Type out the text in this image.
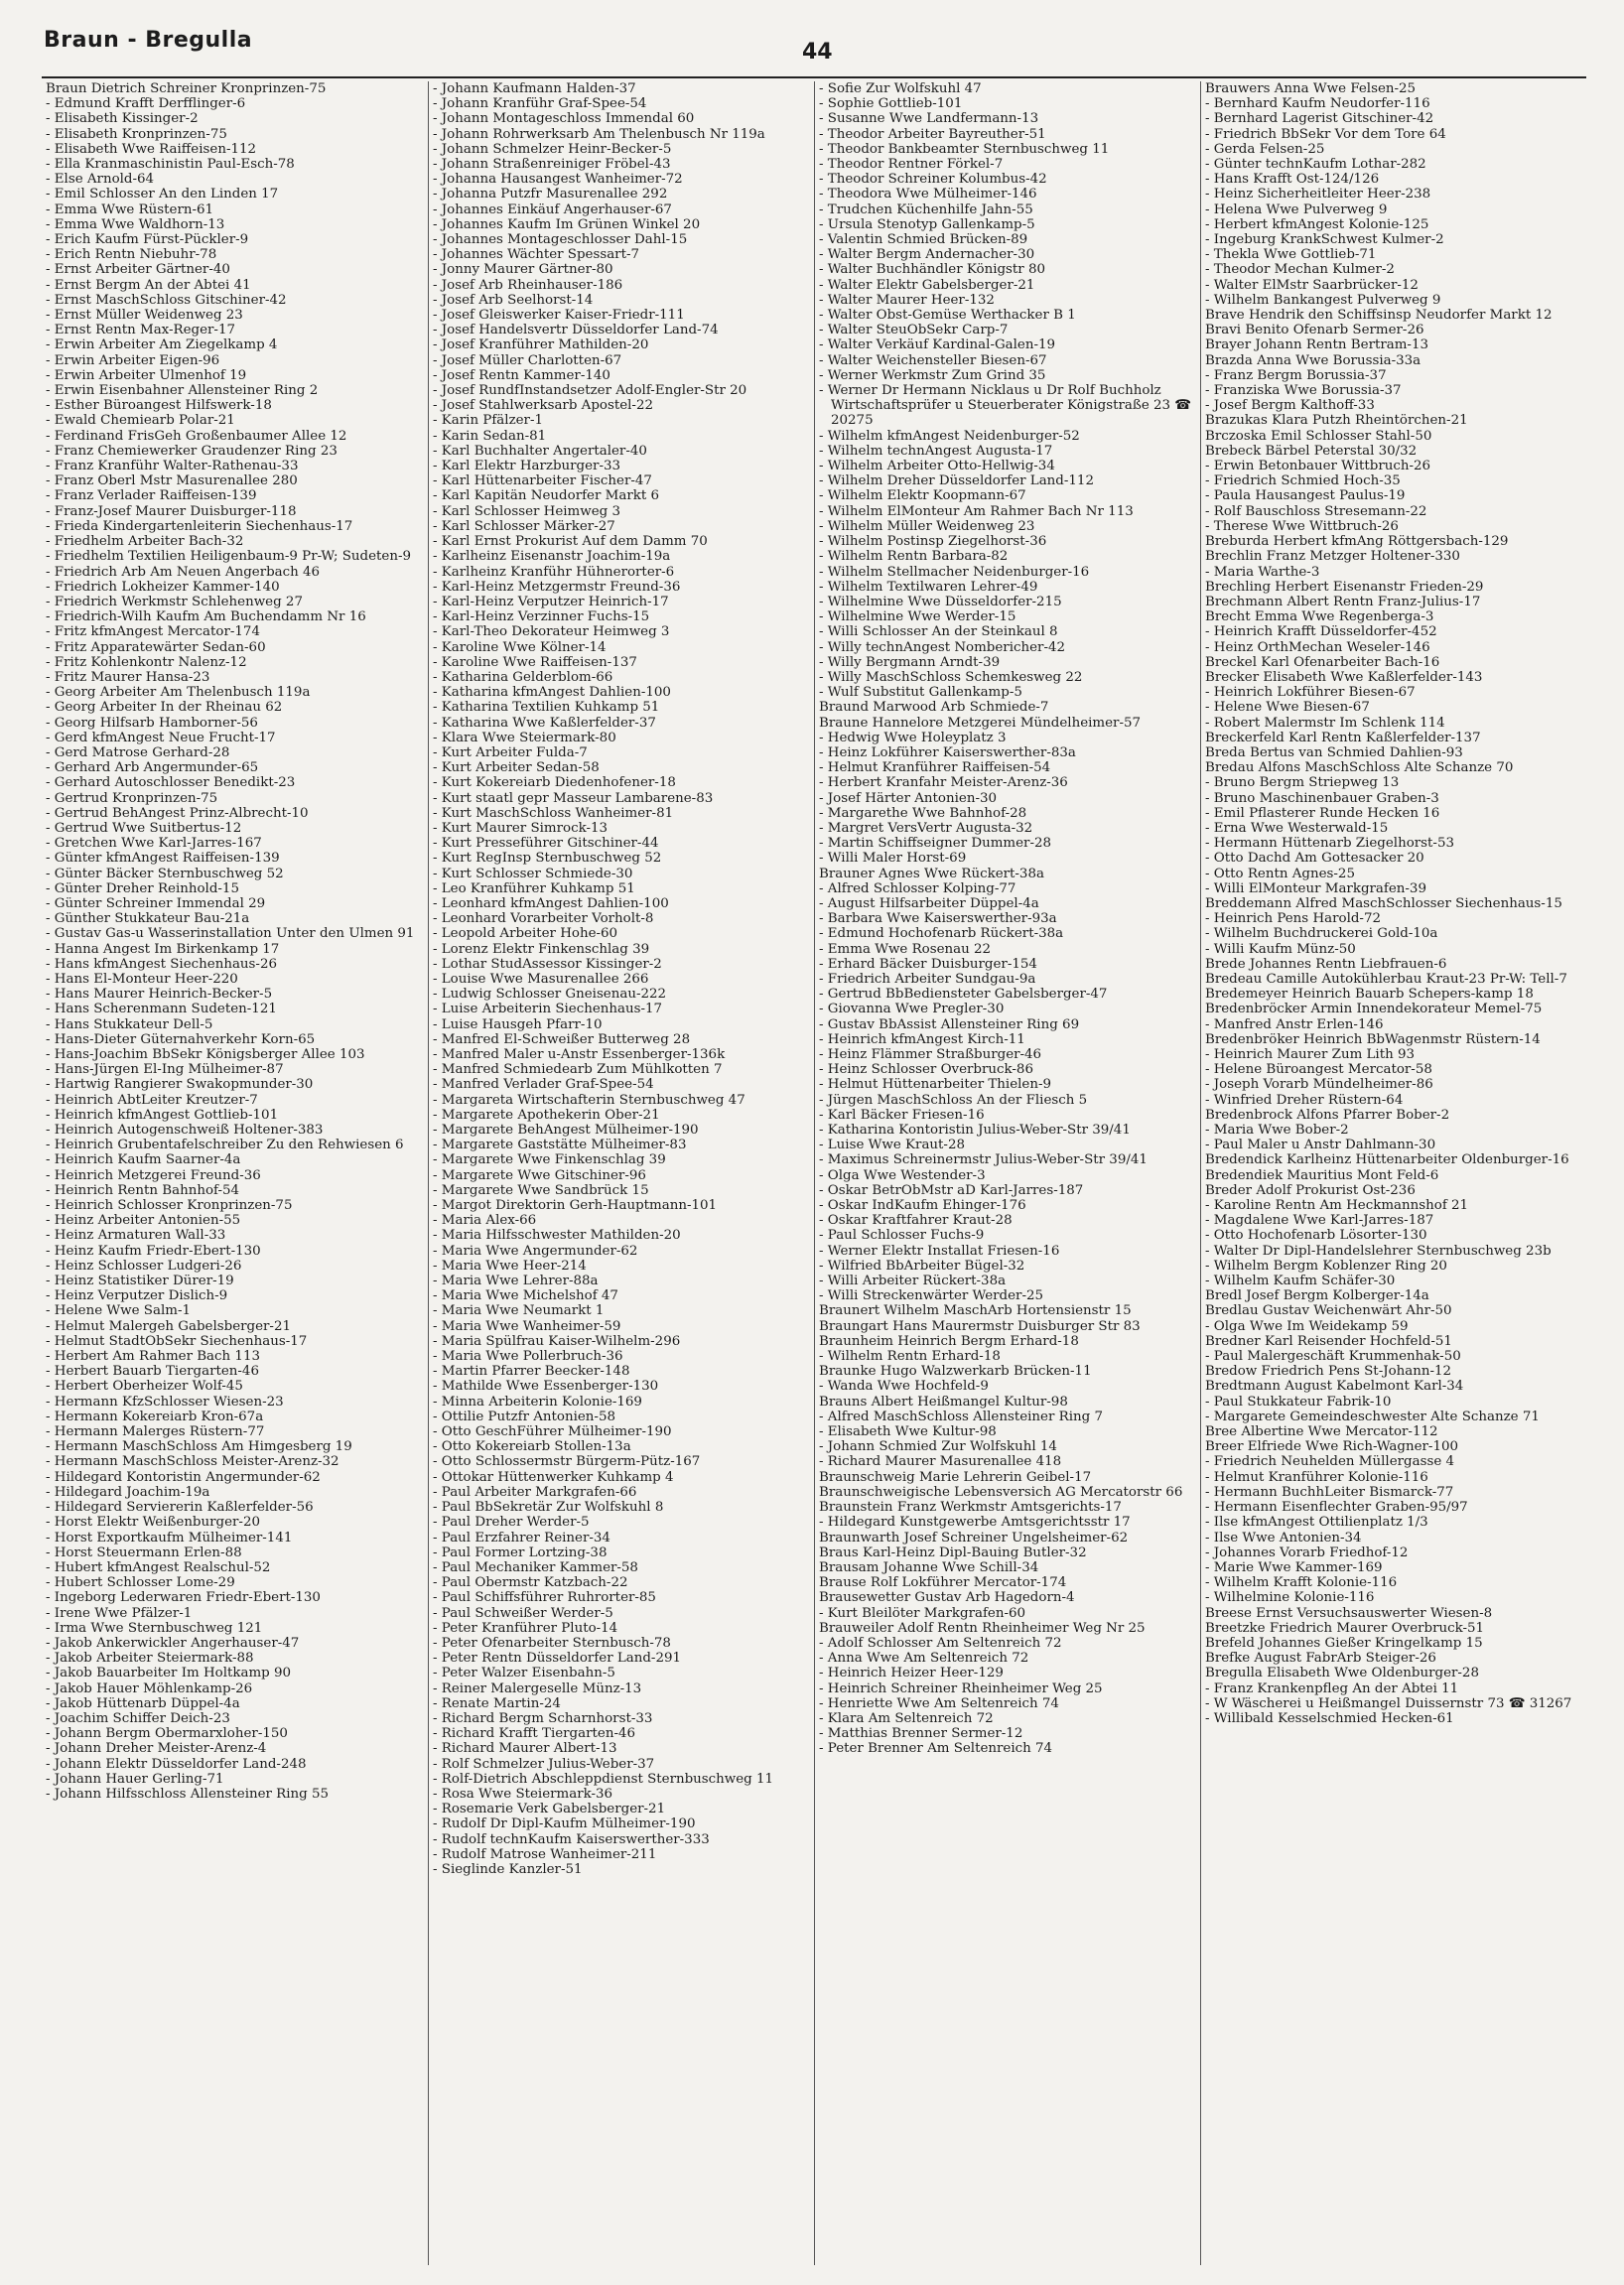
Braun - Bregulla	44
Braun Dietrich Schreiner Kronprinzen-75
- Edmund Krafft Derfflinger-6
- Elisabeth Kissinger-2
- Elisabeth Kronprinzen-75
- Elisabeth Wwe Raiffeisen-112
- Ella Kranmaschinistin Paul-Esch-78
- Else Arnold-64
- Emil Schlosser An den Linden 17
- Emma Wwe Rüstern-61
- Emma Wwe Waldhorn-13
- Erich Kaufm Fürst-Pückler-9
- Erich Rentn Niebuhr-78
- Ernst Arbeiter Gärtner-40
- Ernst Bergm An der Abtei 41
- Ernst MaschSchloss Gitschiner-42
- Ernst Müller Weidenweg 23
- Ernst Rentn Max-Reger-17
- Erwin Arbeiter Am Ziegelkamp 4
- Erwin Arbeiter Eigen-96
- Erwin Arbeiter Ulmenhof 19
- Erwin Eisenbahner Allensteiner Ring 2
- Esther Büroangest Hilfswerk-18
- Ewald Chemiearb Polar-21
- Ferdinand FrisGeh Großenbaumer Allee 12
- Franz Chemiewerker Graudenzer Ring 23
- Franz Kranführ Walter-Rathenau-33
- Franz Oberl Mstr Masurenallee 280
- Franz Verlader Raiffeisen-139
- Franz-Josef Maurer Duisburger-118
- Frieda Kindergartenleiterin Siechenhaus-17
- Friedhelm Arbeiter Bach-32
- Friedhelm Textilien Heiligenbaum-9 Pr-W; Sudeten-9
- Friedrich Arb Am Neuen Angerbach 46
- Friedrich Lokheizer Kammer-140
- Friedrich Werkmstr Schlehenweg 27
- Friedrich-Wilh Kaufm Am Buchendamm Nr 16
- Fritz kfmAngest Mercator-174
- Fritz Apparatewärter Sedan-60
- Fritz Kohlenkontr Nalenz-12
- Fritz Maurer Hansa-23
- Georg Arbeiter Am Thelenbusch 119a
- Georg Arbeiter In der Rheinau 62
- Georg Hilfsarb Hamborner-56
- Gerd kfmAngest Neue Frucht-17
- Gerd Matrose Gerhard-28
- Gerhard Arb Angermunder-65
- Gerhard Autoschlosser Benedikt-23
- Gertrud Kronprinzen-75
- Gertrud BehAngest Prinz-Albrecht-10
- Gertrud Wwe Suitbertus-12
- Gretchen Wwe Karl-Jarres-167
- Günter kfmAngest Raiffeisen-139
- Günter Bäcker Sternbuschweg 52
- Günter Dreher Reinhold-15
- Günter Schreiner Immendal 29
- Günther Stukkateur Bau-21a
- Gustav Gas-u Wasserinstallation Unter den Ulmen 91
- Hanna Angest Im Birkenkamp 17
- Hans kfmAngest Siechenhaus-26
- Hans El-Monteur Heer-220
- Hans Maurer Heinrich-Becker-5
- Hans Scherenmann Sudeten-121
- Hans Stukkateur Dell-5
- Hans-Dieter Güternahverkehr Korn-65
- Hans-Joachim BbSekr Königsberger Allee 103
- Hans-Jürgen El-Ing Mülheimer-87
- Hartwig Rangierer Swakopmunder-30
- Heinrich AbtLeiter Kreutzer-7
- Heinrich kfmAngest Gottlieb-101
- Heinrich Autogenschweiß Holtener-383
- Heinrich Grubentafelschreiber Zu den Rehwiesen 6
- Heinrich Kaufm Saarner-4a
- Heinrich Metzgerei Freund-36
- Heinrich Rentn Bahnhof-54
- Heinrich Schlosser Kronprinzen-75
- Heinz Arbeiter Antonien-55
- Heinz Armaturen Wall-33
- Heinz Kaufm Friedr-Ebert-130
- Heinz Schlosser Ludgeri-26
- Heinz Statistiker Dürer-19
- Heinz Verputzer Dislich-9
- Helene Wwe Salm-1
- Helmut Malergeh Gabelsberger-21
- Helmut StadtObSekr Siechenhaus-17
- Herbert Am Rahmer Bach 113
- Herbert Bauarb Tiergarten-46
- Herbert Oberheizer Wolf-45
- Hermann KfzSchlosser Wiesen-23
- Hermann Kokereiarb Kron-67a
- Hermann Malerges Rüstern-77
- Hermann MaschSchloss Am Himgesberg 19
- Hermann MaschSchloss Meister-Arenz-32
- Hildegard Kontoristin Angermunder-62
- Hildegard Joachim-19a
- Hildegard Serviererin Kaßlerfelder-56
- Horst Elektr Weißenburger-20
- Horst Exportkaufm Mülheimer-141
- Horst Steuermann Erlen-88
- Hubert kfmAngest Realschul-52
- Hubert Schlosser Lome-29
- Ingeborg Lederwaren Friedr-Ebert-130
- Irene Wwe Pfälzer-1
- Irma Wwe Sternbuschweg 121
- Jakob Ankerwickler Angerhauser-47
- Jakob Arbeiter Steiermark-88
- Jakob Bauarbeiter Im Holtkamp 90
- Jakob Hauer Möhlenkamp-26
- Jakob Hüttenarb Düppel-4a
- Joachim Schiffer Deich-23
- Johann Bergm Obermarxloher-150
- Johann Dreher Meister-Arenz-4
- Johann Elektr Düsseldorfer Land-248
- Johann Hauer Gerling-71
- Johann Hilfsschloss Allensteiner Ring 55
- Johann Kaufmann Halden-37
- Johann Kranführ Graf-Spee-54
- Johann Montageschloss Immendal 60
- Johann Rohrwerksarb Am Thelenbusch Nr 119a
- Johann Schmelzer Heinr-Becker-5
- Johann Straßenreiniger Fröbel-43
- Johanna Hausangest Wanheimer-72
- Johanna Putzfr Masurenallee 292
- Johannes Einkäuf Angerhauser-67
- Johannes Kaufm Im Grünen Winkel 20
- Johannes Montageschlosser Dahl-15
- Johannes Wächter Spessart-7
- Jonny Maurer Gärtner-80
- Josef Arb Rheinhauser-186
- Josef Arb Seelhorst-14
- Josef Gleiswerker Kaiser-Friedr-111
- Josef Handelsvertr Düsseldorfer Land-74
- Josef Kranführer Mathilden-20
- Josef Müller Charlotten-67
- Josef Rentn Kammer-140
- Josef RundfInstandsetzer Adolf-Engler-Str 20
- Josef Stahlwerksarb Apostel-22
- Karin Pfälzer-1
- Karin Sedan-81
- Karl Buchhalter Angertaler-40
- Karl Elektr Harzburger-33
- Karl Hüttenarbeiter Fischer-47
- Karl Kapitän Neudorfer Markt 6
- Karl Schlosser Heimweg 3
- Karl Schlosser Märker-27
- Karl Ernst Prokurist Auf dem Damm 70
- Karlheinz Eisenanstr Joachim-19a
- Karlheinz Kranführ Hühnerorter-6
- Karl-Heinz Metzgermstr Freund-36
- Karl-Heinz Verputzer Heinrich-17
- Karl-Heinz Verzinner Fuchs-15
- Karl-Theo Dekorateur Heimweg 3
- Karoline Wwe Kölner-14
- Karoline Wwe Raiffeisen-137
- Katharina Gelderblom-66
- Katharina kfmAngest Dahlien-100
- Katharina Textilien Kuhkamp 51
- Katharina Wwe Kaßlerfelder-37
- Klara Wwe Steiermark-80
- Kurt Arbeiter Fulda-7
- Kurt Arbeiter Sedan-58
- Kurt Kokereiarb Diedenhofener-18
- Kurt staatl gepr Masseur Lambarene-83
- Kurt MaschSchloss Wanheimer-81
- Kurt Maurer Simrock-13
- Kurt Presseführer Gitschiner-44
- Kurt RegInsp Sternbuschweg 52
- Kurt Schlosser Schmiede-30
- Leo Kranführer Kuhkamp 51
- Leonhard kfmAngest Dahlien-100
- Leonhard Vorarbeiter Vorholt-8
- Leopold Arbeiter Hohe-60
- Lorenz Elektr Finkenschlag 39
- Lothar StudAssessor Kissinger-2
- Louise Wwe Masurenallee 266
- Ludwig Schlosser Gneisenau-222
- Luise Arbeiterin Siechenhaus-17
- Luise Hausgeh Pfarr-10
- Manfred El-Schweißer Butterweg 28
- Manfred Maler u-Anstr Essenberger-136k
- Manfred Schmiedearb Zum Mühlkotten 7
- Manfred Verlader Graf-Spee-54
- Margareta Wirtschafterin Sternbuschweg 47
- Margarete Apothekerin Ober-21
- Margarete BehAngest Mülheimer-190
- Margarete Gaststätte Mülheimer-83
- Margarete Wwe Finkenschlag 39
- Margarete Wwe Gitschiner-96
- Margarete Wwe Sandbrück 15
- Margot Direktorin Gerh-Hauptmann-101
- Maria Alex-66
- Maria Hilfsschwester Mathilden-20
- Maria Wwe Angermunder-62
- Maria Wwe Heer-214
- Maria Wwe Lehrer-88a
- Maria Wwe Michelshof 47
- Maria Wwe Neumarkt 1
- Maria Wwe Wanheimer-59
- Maria Spülfrau Kaiser-Wilhelm-296
- Maria Wwe Pollerbruch-36
- Martin Pfarrer Beecker-148
- Mathilde Wwe Essenberger-130
- Minna Arbeiterin Kolonie-169
- Ottilie Putzfr Antonien-58
- Otto GeschFührer Mülheimer-190
- Otto Kokereiarb Stollen-13a
- Otto Schlossermstr Bürgerm-Pütz-167
- Ottokar Hüttenwerker Kuhkamp 4
- Paul Arbeiter Markgrafen-66
- Paul BbSekretär Zur Wolfskuhl 8
- Paul Dreher Werder-5
- Paul Erzfahrer Reiner-34
- Paul Former Lortzing-38
- Paul Mechaniker Kammer-58
- Paul Obermstr Katzbach-22
- Paul Schiffsführer Ruhrorter-85
- Paul Schweißer Werder-5
- Peter Kranführer Pluto-14
- Peter Ofenarbeiter Sternbusch-78
- Peter Rentn Düsseldorfer Land-291
- Peter Walzer Eisenbahn-5
- Reiner Malergeselle Münz-13
- Renate Martin-24
- Richard Bergm Scharnhorst-33
- Richard Krafft Tiergarten-46
- Richard Maurer Albert-13
- Rolf Schmelzer Julius-Weber-37
- Rolf-Dietrich Abschleppdienst Sternbuschweg 11
- Rosa Wwe Steiermark-36
- Rosemarie Verk Gabelsberger-21
- Rudolf Dr Dipl-Kaufm Mülheimer-190
- Rudolf technKaufm Kaiserswerther-333
- Rudolf Matrose Wanheimer-211
- Sieglinde Kanzler-51
- Sofie Zur Wolfskuhl 47
- Sophie Gottlieb-101
- Susanne Wwe Landfermann-13
- Theodor Arbeiter Bayreuther-51
- Theodor Bankbeamter Sternbuschweg 11
- Theodor Rentner Förkel-7
- Theodor Schreiner Kolumbus-42
- Theodora Wwe Mülheimer-146
- Trudchen Küchenhilfe Jahn-55
- Ursula Stenotyp Gallenkamp-5
- Valentin Schmied Brücken-89
- Walter Bergm Andernacher-30
- Walter Buchhändler Königstr 80
- Walter Elektr Gabelsberger-21
- Walter Maurer Heer-132
- Walter Obst-Gemüse Werthacker B 1
- Walter SteuObSekr Carp-7
- Walter Verkäuf Kardinal-Galen-19
- Walter Weichensteller Biesen-67
- Werner Werkmstr Zum Grind 35
- Werner Dr Hermann Nicklaus u Dr Rolf Buchholz Wirtschaftsprüfer u Steuerberater Königstraße 23 ☎ 20275
- Wilhelm kfmAngest Neidenburger-52
- Wilhelm technAngest Augusta-17
- Wilhelm Arbeiter Otto-Hellwig-34
- Wilhelm Dreher Düsseldorfer Land-112
- Wilhelm Elektr Koopmann-67
- Wilhelm ElMonteur Am Rahmer Bach Nr 113
- Wilhelm Müller Weidenweg 23
- Wilhelm Postinsp Ziegelhorst-36
- Wilhelm Rentn Barbara-82
- Wilhelm Stellmacher Neidenburger-16
- Wilhelm Textilwaren Lehrer-49
- Wilhelmine Wwe Düsseldorfer-215
- Wilhelmine Wwe Werder-15
- Willi Schlosser An der Steinkaul 8
- Willy technAngest Nombericher-42
- Willy Bergmann Arndt-39
- Willy MaschSchloss Schemkesweg 22
- Wulf Substitut Gallenkamp-5
Braund Marwood Arb Schmiede-7
Braune Hannelore Metzgerei Mündelheimer-57
- Hedwig Wwe Holeyplatz 3
- Heinz Lokführer Kaiserswerther-83a
- Helmut Kranführer Raiffeisen-54
- Herbert Kranfahr Meister-Arenz-36
- Josef Härter Antonien-30
- Margarethe Wwe Bahnhof-28
- Margret VersVertr Augusta-32
- Martin Schiffseigner Dummer-28
- Willi Maler Horst-69
Brauner Agnes Wwe Rückert-38a
- Alfred Schlosser Kolping-77
- August Hilfsarbeiter Düppel-4a
- Barbara Wwe Kaiserswerther-93a
- Edmund Hochofenarb Rückert-38a
- Emma Wwe Rosenau 22
- Erhard Bäcker Duisburger-154
- Friedrich Arbeiter Sundgau-9a
- Gertrud BbBediensteter Gabelsberger-47
- Giovanna Wwe Pregler-30
- Gustav BbAssist Allensteiner Ring 69
- Heinrich kfmAngest Kirch-11
- Heinz Flämmer Straßburger-46
- Heinz Schlosser Overbruck-86
- Helmut Hüttenarbeiter Thielen-9
- Jürgen MaschSchloss An der Fliesch 5
- Karl Bäcker Friesen-16
- Katharina Kontoristin Julius-Weber-Str 39/41
- Luise Wwe Kraut-28
- Maximus Schreinermstr Julius-Weber-Str 39/41
- Olga Wwe Westender-3
- Oskar BetrObMstr aD Karl-Jarres-187
- Oskar IndKaufm Ehinger-176
- Oskar Kraftfahrer Kraut-28
- Paul Schlosser Fuchs-9
- Werner Elektr Installat Friesen-16
- Wilfried BbArbeiter Bügel-32
- Willi Arbeiter Rückert-38a
- Willi Streckenwärter Werder-25
Braunert Wilhelm MaschArb Hortensienstr 15
Braungart Hans Maurermstr Duisburger Str 83
Braunheim Heinrich Bergm Erhard-18
- Wilhelm Rentn Erhard-18
Braunke Hugo Walzwerkarb Brücken-11
- Wanda Wwe Hochfeld-9
Brauns Albert Heißmangel Kultur-98
- Alfred MaschSchloss Allensteiner Ring 7
- Elisabeth Wwe Kultur-98
- Johann Schmied Zur Wolfskuhl 14
- Richard Maurer Masurenallee 418
Braunschweig Marie Lehrerin Geibel-17
Braunschweigische Lebensversich AG Mercatorstr 66
Braunstein Franz Werkmstr Amtsgerichts-17
- Hildegard Kunstgewerbe Amtsgerichtsstr 17
Braunwarth Josef Schreiner Ungelsheimer-62
Braus Karl-Heinz Dipl-Bauing Butler-32
Brausam Johanne Wwe Schill-34
Brause Rolf Lokführer Mercator-174
Brausewetter Gustav Arb Hagedorn-4
- Kurt Bleilöter Markgrafen-60
Brauweiler Adolf Rentn Rheinheimer Weg Nr 25
- Adolf Schlosser Am Seltenreich 72
- Anna Wwe Am Seltenreich 72
- Heinrich Heizer Heer-129
- Heinrich Schreiner Rheinheimer Weg 25
- Henriette Wwe Am Seltenreich 74
- Klara Am Seltenreich 72
- Matthias Brenner Sermer-12
- Peter Brenner Am Seltenreich 74
Brauwers Anna Wwe Felsen-25
- Bernhard Kaufm Neudorfer-116
- Bernhard Lagerist Gitschiner-42
- Friedrich BbSekr Vor dem Tore 64
- Gerda Felsen-25
- Günter technKaufm Lothar-282
- Hans Krafft Ost-124/126
- Heinz Sicherheitleiter Heer-238
- Helena Wwe Pulverweg 9
- Herbert kfmAngest Kolonie-125
- Ingeburg KrankSchwest Kulmer-2
- Thekla Wwe Gottlieb-71
- Theodor Mechan Kulmer-2
- Walter ElMstr Saarbrücker-12
- Wilhelm Bankangest Pulverweg 9
Brave Hendrik den Schiffsinsp Neudorfer Markt 12
Bravi Benito Ofenarb Sermer-26
Brayer Johann Rentn Bertram-13
Brazda Anna Wwe Borussia-33a
- Franz Bergm Borussia-37
- Franziska Wwe Borussia-37
- Josef Bergm Kalthoff-33
Brazukas Klara Putzh Rheintörchen-21
Brczoska Emil Schlosser Stahl-50
Brebeck Bärbel Peterstal 30/32
- Erwin Betonbauer Wittbruch-26
- Friedrich Schmied Hoch-35
- Paula Hausangest Paulus-19
- Rolf Bauschloss Stresemann-22
- Therese Wwe Wittbruch-26
Breburda Herbert kfmAng Röttgersbach-129
Brechlin Franz Metzger Holtener-330
- Maria Warthe-3
Brechling Herbert Eisenanstr Frieden-29
Brechmann Albert Rentn Franz-Julius-17
Brecht Emma Wwe Regenberga-3
- Heinrich Krafft Düsseldorfer-452
- Heinz OrthMechan Weseler-146
Breckel Karl Ofenarbeiter Bach-16
Brecker Elisabeth Wwe Kaßlerfelder-143
- Heinrich Lokführer Biesen-67
- Helene Wwe Biesen-67
- Robert Malermstr Im Schlenk 114
Breckerfeld Karl Rentn Kaßlerfelder-137
Breda Bertus van Schmied Dahlien-93
Bredau Alfons MaschSchloss Alte Schanze 70
- Bruno Bergm Striepweg 13
- Bruno Maschinenbauer Graben-3
- Emil Pflasterer Runde Hecken 16
- Erna Wwe Westerwald-15
- Hermann Hüttenarb Ziegelhorst-53
- Otto Dachd Am Gottesacker 20
- Otto Rentn Agnes-25
- Willi ElMonteur Markgrafen-39
Breddemann Alfred MaschSchlosser Siechenhaus-15
- Heinrich Pens Harold-72
- Wilhelm Buchdruckerei Gold-10a
- Willi Kaufm Münz-50
Brede Johannes Rentn Liebfrauen-6
Bredeau Camille Autokühlerbau Kraut-23 Pr-W: Tell-7
Bredemeyer Heinrich Bauarb Schepers-kamp 18
Bredenbröcker Armin Innendekorateur Memel-75
- Manfred Anstr Erlen-146
Bredenbröker Heinrich BbWagenmstr Rüstern-14
- Heinrich Maurer Zum Lith 93
- Helene Büroangest Mercator-58
- Joseph Vorarb Mündelheimer-86
- Winfried Dreher Rüstern-64
Bredenbrock Alfons Pfarrer Bober-2
- Maria Wwe Bober-2
- Paul Maler u Anstr Dahlmann-30
Bredendick Karlheinz Hüttenarbeiter Oldenburger-16
Bredendiek Mauritius Mont Feld-6
Breder Adolf Prokurist Ost-236
- Karoline Rentn Am Heckmannshof 21
- Magdalene Wwe Karl-Jarres-187
- Otto Hochofenarb Lösorter-130
- Walter Dr Dipl-Handelslehrer Sternbuschweg 23b
- Wilhelm Bergm Koblenzer Ring 20
- Wilhelm Kaufm Schäfer-30
Bredl Josef Bergm Kolberger-14a
Bredlau Gustav Weichenwärt Ahr-50
- Olga Wwe Im Weidekamp 59
Bredner Karl Reisender Hochfeld-51
- Paul Malergeschäft Krummenhak-50
Bredow Friedrich Pens St-Johann-12
Bredtmann August Kabelmont Karl-34
- Paul Stukkateur Fabrik-10
- Margarete Gemeindeschwester Alte Schanze 71
Bree Albertine Wwe Mercator-112
Breer Elfriede Wwe Rich-Wagner-100
- Friedrich Neuhelden Müllergasse 4
- Helmut Kranführer Kolonie-116
- Hermann BuchhLeiter Bismarck-77
- Hermann Eisenflechter Graben-95/97
- Ilse kfmAngest Ottilienplatz 1/3
- Ilse Wwe Antonien-34
- Johannes Vorarb Friedhof-12
- Marie Wwe Kammer-169
- Wilhelm Krafft Kolonie-116
- Wilhelmine Kolonie-116
Breese Ernst Versuchsauswerter Wiesen-8
Breetzke Friedrich Maurer Overbruck-51
Brefeld Johannes Gießer Kringelkamp 15
Brefke August FabrArb Steiger-26
Bregulla Elisabeth Wwe Oldenburger-28
- Franz Krankenpfleg An der Abtei 11
- W Wäscherei u Heißmangel Duissernstr 73 ☎ 31267
- Willibald Kesselschmied Hecken-61
